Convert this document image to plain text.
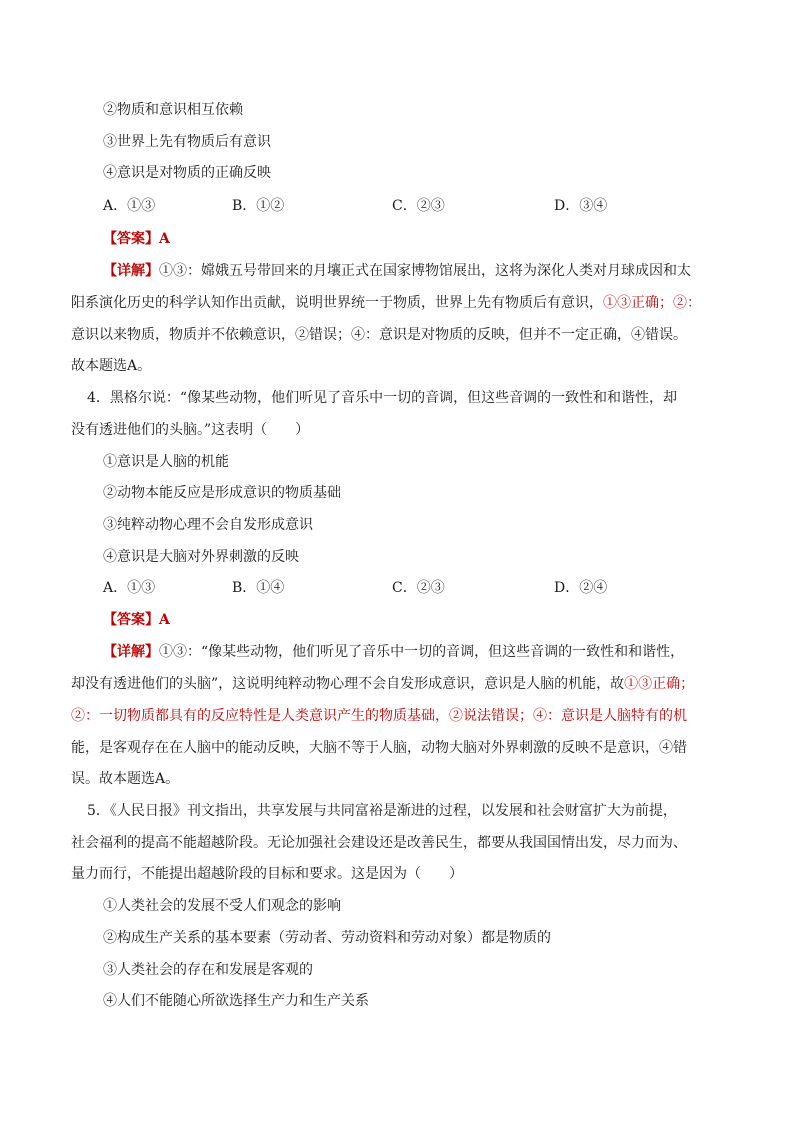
②物质和意识相互依赖
③世界上先有物质后有意识
④意识是对物质的正确反映
A．①③	B．①②	C．②③	D．③④
【答案】A
【详解】①③：嫦娥五号带回来的月壤正式在国家博物馆展出，这将为深化人类对月球成因和太
阳系演化历史的科学认知作出贡献，说明世界统一于物质，世界上先有物质后有意识，①③正确；②：
意识以来物质，物质并不依赖意识，②错误；④：意识是对物质的反映，但并不一定正确，④错误。
故本题选A。
4．黑格尔说：“像某些动物，他们听见了音乐中一切的音调，但这些音调的一致性和和谐性，却
没有透进他们的头脑。”这表明（　　）
①意识是人脑的机能
②动物本能反应是形成意识的物质基础
③纯粹动物心理不会自发形成意识
④意识是大脑对外界刺激的反映
A．①③	B．①④	C．②③	D．②④
【答案】A
【详解】①③：“像某些动物，他们听见了音乐中一切的音调，但这些音调的一致性和和谐性，
却没有透进他们的头脑”，这说明纯粹动物心理不会自发形成意识，意识是人脑的机能，故①③正确；
②：一切物质都具有的反应特性是人类意识产生的物质基础，②说法错误；④：意识是人脑特有的机
能，是客观存在在人脑中的能动反映，大脑不等于人脑，动物大脑对外界刺激的反映不是意识，④错
误。故本题选A。
5．《人民日报》刊文指出，共享发展与共同富裕是渐进的过程，以发展和社会财富扩大为前提，
社会福利的提高不能超越阶段。无论加强社会建设还是改善民生，都要从我国国情出发，尽力而为、
量力而行，不能提出超越阶段的目标和要求。这是因为（　　）
①人类社会的发展不受人们观念的影响
②构成生产关系的基本要素（劳动者、劳动资料和劳动对象）都是物质的
③人类社会的存在和发展是客观的
④人们不能随心所欲选择生产力和生产关系
